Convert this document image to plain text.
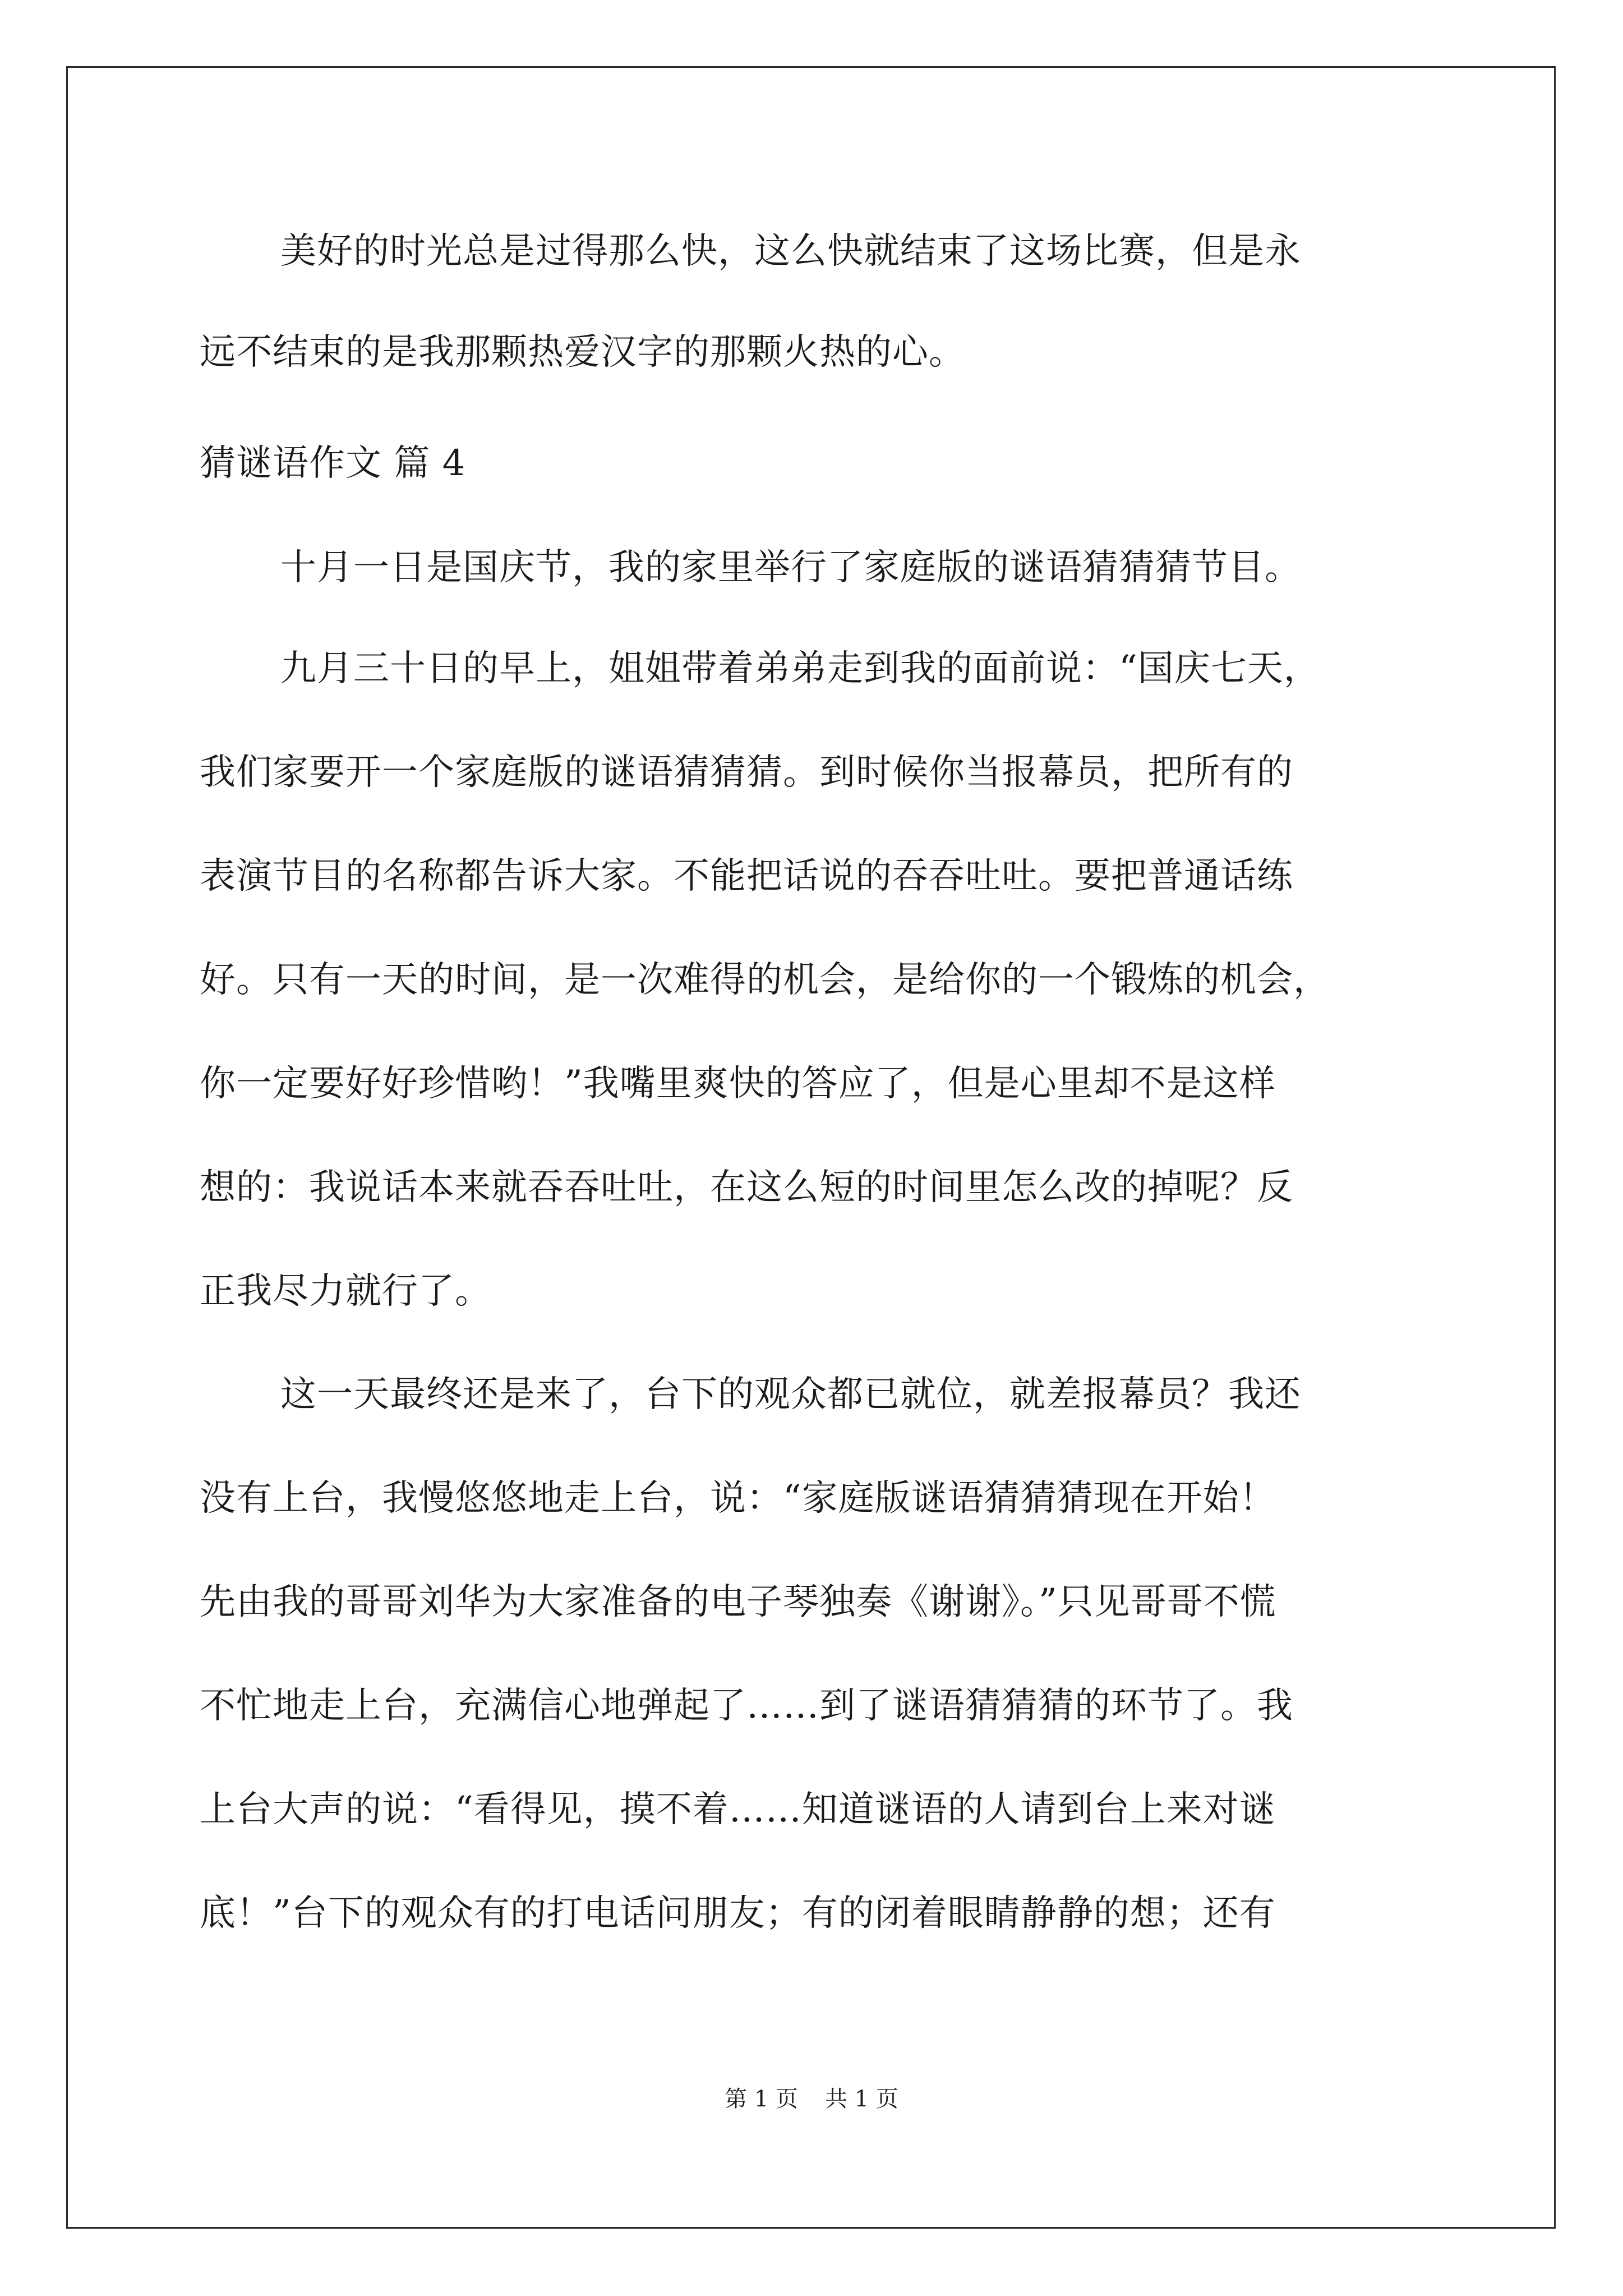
美好的时光总是过得那么快，这么快就结束了这场比赛，但是永
远不结束的是我那颗热爱汉字的那颗火热的心。
猜谜语作文 篇 4
十月一日是国庆节，我的家里举行了家庭版的谜语猜猜猜节目。
九月三十日的早上，姐姐带着弟弟走到我的面前说：“国庆七天，
我们家要开一个家庭版的谜语猜猜猜。到时候你当报幕员，把所有的
表演节目的名称都告诉大家。不能把话说的吞吞吐吐。要把普通话练
好。只有一天的时间，是一次难得的机会，是给你的一个锻炼的机会，
你一定要好好珍惜哟！”我嘴里爽快的答应了，但是心里却不是这样
想的：我说话本来就吞吞吐吐，在这么短的时间里怎么改的掉呢？反
正我尽力就行了。
这一天最终还是来了，台下的观众都已就位，就差报幕员？我还
没有上台，我慢悠悠地走上台，说：“家庭版谜语猜猜猜现在开始！
先由我的哥哥刘华为大家准备的电子琴独奏《谢谢》。”只见哥哥不慌
不忙地走上台，充满信心地弹起了……到了谜语猜猜猜的环节了。我
上台大声的说：“看得见，摸不着……知道谜语的人请到台上来对谜
底！”台下的观众有的打电话问朋友；有的闭着眼睛静静的想；还有
第 1 页 共 1 页
